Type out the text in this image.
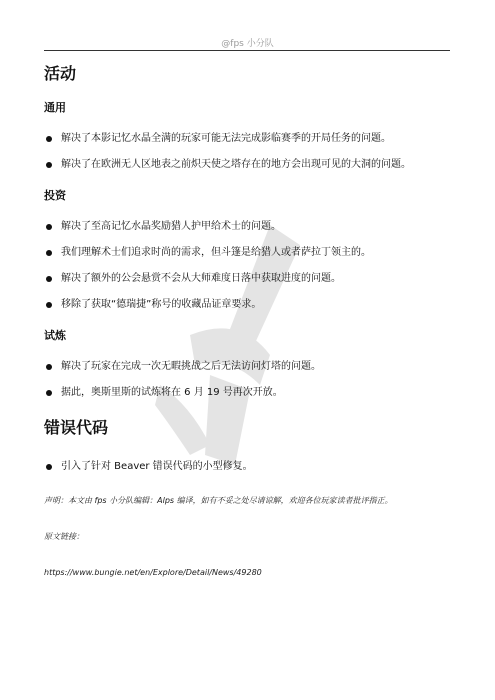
@fps 小分队
活动
通用
解决了本影记忆水晶全满的玩家可能无法完成影临赛季的开局任务的问题。
解决了在欧洲无人区地表之前炽天使之塔存在的地方会出现可见的大洞的问题。
投资
解决了至高记忆水晶奖励猎人护甲给术士的问题。
我们理解术士们追求时尚的需求，但斗篷是给猎人或者萨拉丁领主的。
解决了额外的公会悬赏不会从大师难度日落中获取进度的问题。
移除了获取“德瑞捷”称号的收藏品证章要求。
试炼
解决了玩家在完成一次无暇挑战之后无法访问灯塔的问题。
据此，奥斯里斯的试炼将在 6 月 19 号再次开放。
错误代码
引入了针对 Beaver 错误代码的小型修复。
声明：本文由 fps 小分队编辑：Alps 编译，如有不妥之处尽请谅解，欢迎各位玩家读者批评指正。
原文链接：
https://www.bungie.net/en/Explore/Detail/News/49280
